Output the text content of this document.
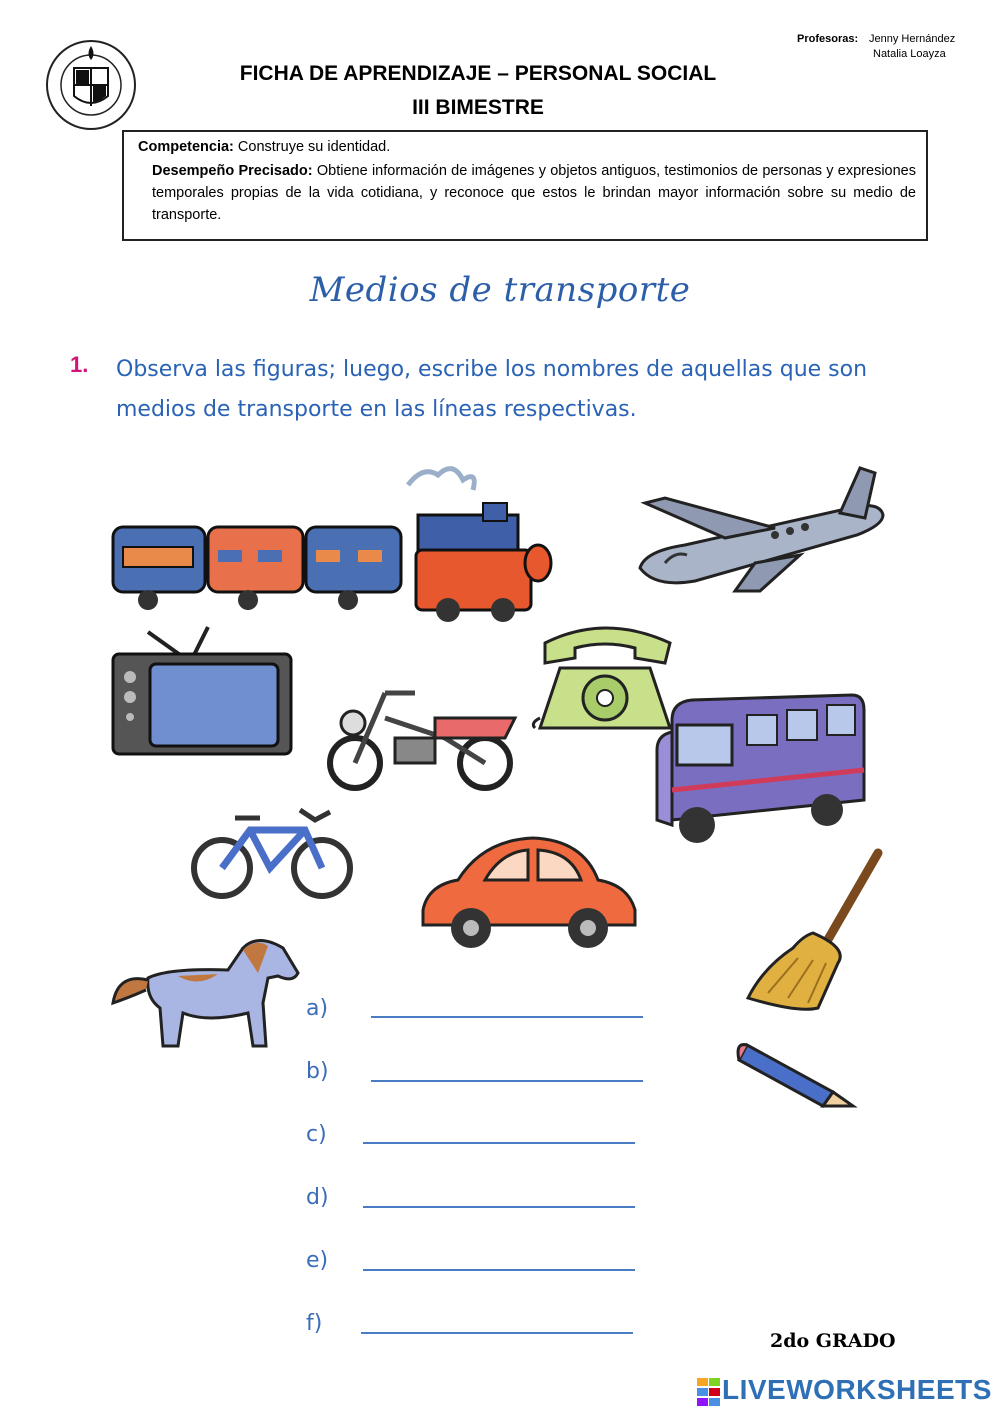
Profesoras: Jenny Hernández
Natalia Loayza
FICHA DE APRENDIZAJE – PERSONAL SOCIAL
III BIMESTRE
Competencia: Construye su identidad.
Desempeño Precisado: Obtiene información de imágenes y objetos antiguos, testimonios de personas y expresiones temporales propias de la vida cotidiana, y reconoce que estos le brindan mayor información sobre su medio de transporte.
Medios de transporte
1. Observa las figuras; luego, escribe los nombres de aquellas que son medios de transporte en las líneas respectivas.
a)
b)
c)
d)
e)
f)
2do GRADO
LIVEWORKSHEETS
